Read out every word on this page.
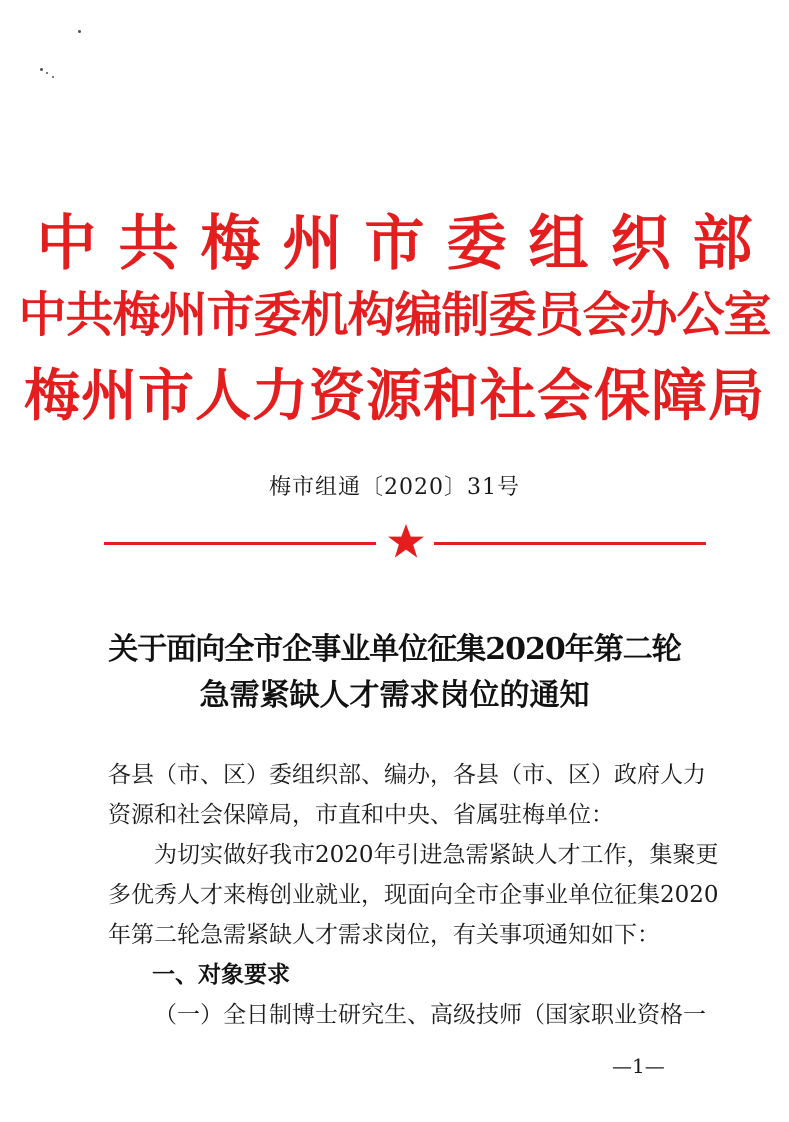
中共梅州市委组织部
中共梅州市委机构编制委员会办公室
梅州市人力资源和社会保障局
梅市组通〔2020〕31号
关于面向全市企事业单位征集2020年第二轮
急需紧缺人才需求岗位的通知
各县（市、区）委组织部、编办，各县（市、区）政府人力
资源和社会保障局，市直和中央、省属驻梅单位：
为切实做好我市2020年引进急需紧缺人才工作，集聚更
多优秀人才来梅创业就业，现面向全市企事业单位征集2020
年第二轮急需紧缺人才需求岗位，有关事项通知如下：
一、对象要求
（一）全日制博士研究生、高级技师（国家职业资格一
—1—
